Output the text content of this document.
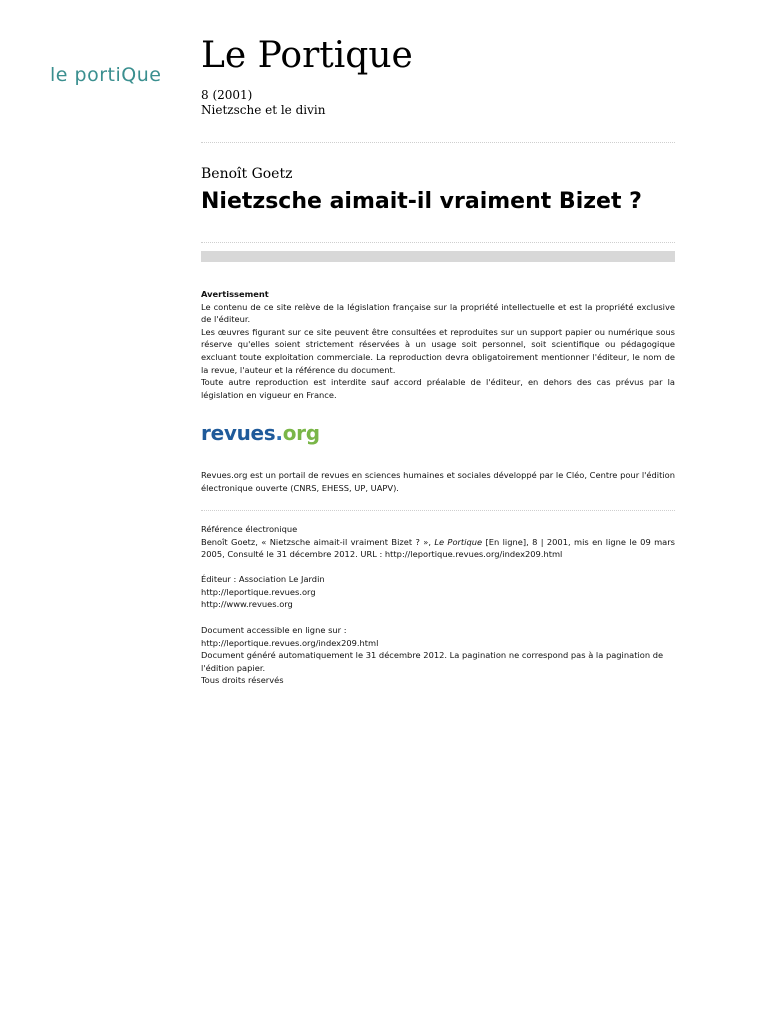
le portiQue Le Portique
8 (2001)
Nietzsche et le divin
Benoît Goetz
Nietzsche aimait-il vraiment Bizet ?
Avertissement

Le contenu de ce site relève de la législation française sur la propriété intellectuelle et est la propriété exclusive de l'éditeur.

Les œuvres figurant sur ce site peuvent être consultées et reproduites sur un support papier ou numérique sous réserve qu'elles soient strictement réservées à un usage soit personnel, soit scientifique ou pédagogique excluant toute exploitation commerciale. La reproduction devra obligatoirement mentionner l'éditeur, le nom de la revue, l'auteur et la référence du document.

Toute autre reproduction est interdite sauf accord préalable de l'éditeur, en dehors des cas prévus par la législation en vigueur en France.

revues.org
Revues.org est un portail de revues en sciences humaines et sociales développé par le Cléo, Centre pour l'édition électronique ouverte (CNRS, EHESS, UP, UAPV).

Référence électronique

Benoît Goetz, « Nietzsche aimait-il vraiment Bizet ? », Le Portique [En ligne], 8 | 2001, mis en ligne le 09 mars 2005, Consulté le 31 décembre 2012. URL : http://leportique.revues.org/index209.html

Éditeur : Association Le Jardin

http://leportique.revues.org

http://www.revues.org

Document accessible en ligne sur :

http://leportique.revues.org/index209.html

Document généré automatiquement le 31 décembre 2012. La pagination ne correspond pas à la pagination de l'édition papier.

Tous droits réservés
